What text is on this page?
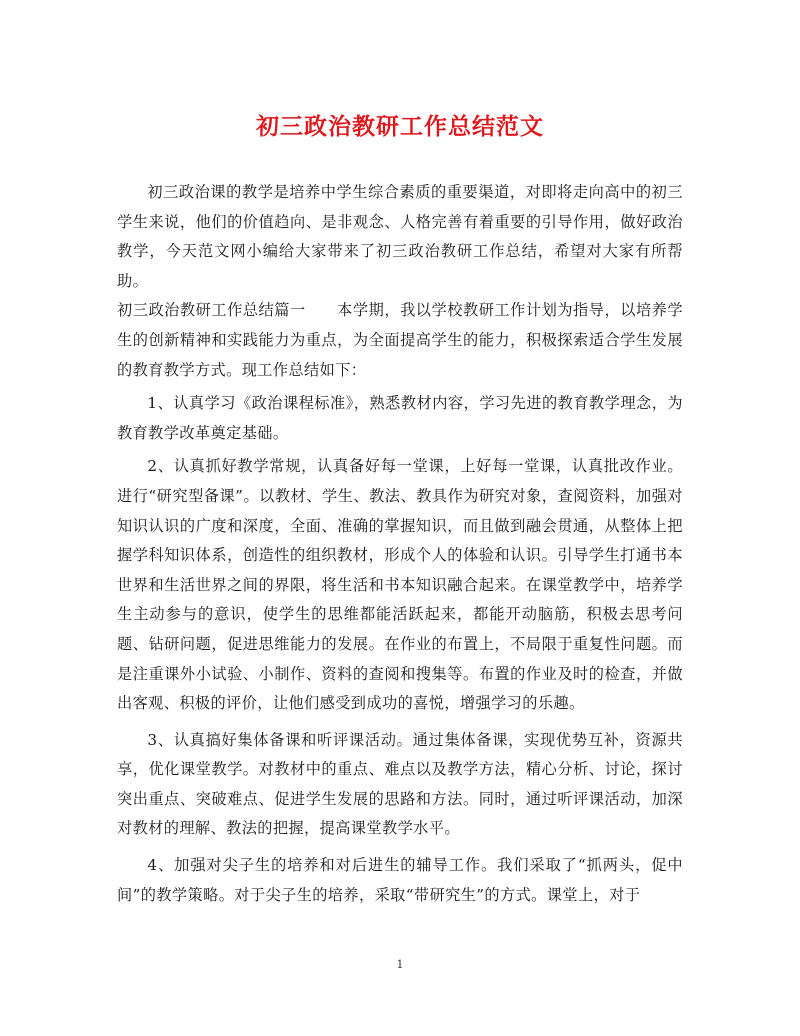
初三政治教研工作总结范文

初三政治课的教学是培养中学生综合素质的重要渠道，对即将走向高中的初三学生来说，他们的价值趋向、是非观念、人格完善有着重要的引导作用，做好政治教学，今天范文网小编给大家带来了初三政治教研工作总结，希望对大家有所帮助。

初三政治教研工作总结篇一　　本学期，我以学校教研工作计划为指导，以培养学生的创新精神和实践能力为重点，为全面提高学生的能力，积极探索适合学生发展的教育教学方式。现工作总结如下：

1、认真学习《政治课程标准》，熟悉教材内容，学习先进的教育教学理念，为教育教学改革奠定基础。

2、认真抓好教学常规，认真备好每一堂课，上好每一堂课，认真批改作业。进行“研究型备课”。以教材、学生、教法、教具作为研究对象，查阅资料，加强对知识认识的广度和深度，全面、准确的掌握知识，而且做到融会贯通，从整体上把握学科知识体系，创造性的组织教材，形成个人的体验和认识。引导学生打通书本世界和生活世界之间的界限，将生活和书本知识融合起来。在课堂教学中，培养学生主动参与的意识，使学生的思维都能活跃起来，都能开动脑筋，积极去思考问题、钻研问题，促进思维能力的发展。在作业的布置上，不局限于重复性问题。而是注重课外小试验、小制作、资料的查阅和搜集等。布置的作业及时的检查，并做出客观、积极的评价，让他们感受到成功的喜悦，增强学习的乐趣。

3、认真搞好集体备课和听评课活动。通过集体备课，实现优势互补，资源共享，优化课堂教学。对教材中的重点、难点以及教学方法，精心分析、讨论，探讨突出重点、突破难点、促进学生发展的思路和方法。同时，通过听评课活动，加深对教材的理解、教法的把握，提高课堂教学水平。

4、加强对尖子生的培养和对后进生的辅导工作。我们采取了“抓两头，促中间”的教学策略。对于尖子生的培养，采取“带研究生”的方式。课堂上，对于

1
